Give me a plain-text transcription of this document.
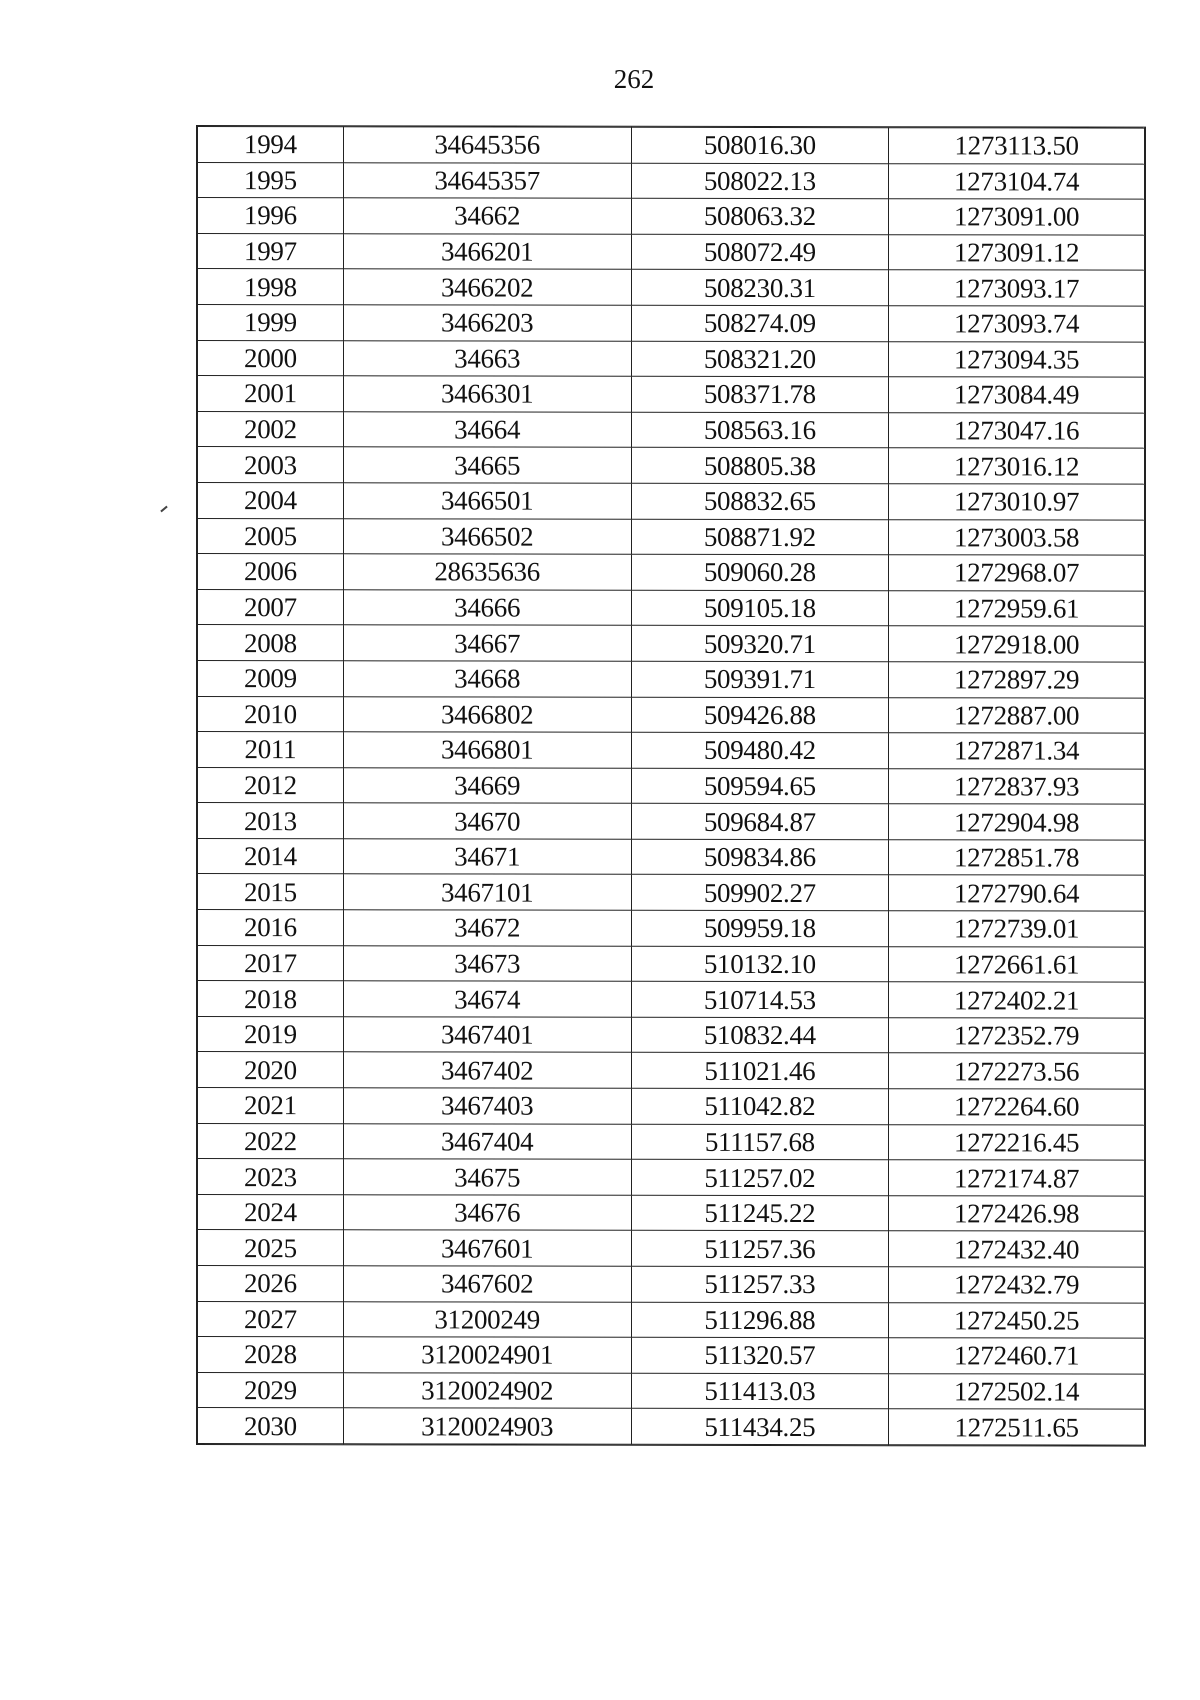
262
1994	34645356	508016.30	1273113.50
1995	34645357	508022.13	1273104.74
1996	34662	508063.32	1273091.00
1997	3466201	508072.49	1273091.12
1998	3466202	508230.31	1273093.17
1999	3466203	508274.09	1273093.74
2000	34663	508321.20	1273094.35
2001	3466301	508371.78	1273084.49
2002	34664	508563.16	1273047.16
2003	34665	508805.38	1273016.12
2004	3466501	508832.65	1273010.97
2005	3466502	508871.92	1273003.58
2006	28635636	509060.28	1272968.07
2007	34666	509105.18	1272959.61
2008	34667	509320.71	1272918.00
2009	34668	509391.71	1272897.29
2010	3466802	509426.88	1272887.00
2011	3466801	509480.42	1272871.34
2012	34669	509594.65	1272837.93
2013	34670	509684.87	1272904.98
2014	34671	509834.86	1272851.78
2015	3467101	509902.27	1272790.64
2016	34672	509959.18	1272739.01
2017	34673	510132.10	1272661.61
2018	34674	510714.53	1272402.21
2019	3467401	510832.44	1272352.79
2020	3467402	511021.46	1272273.56
2021	3467403	511042.82	1272264.60
2022	3467404	511157.68	1272216.45
2023	34675	511257.02	1272174.87
2024	34676	511245.22	1272426.98
2025	3467601	511257.36	1272432.40
2026	3467602	511257.33	1272432.79
2027	31200249	511296.88	1272450.25
2028	3120024901	511320.57	1272460.71
2029	3120024902	511413.03	1272502.14
2030	3120024903	511434.25	1272511.65
